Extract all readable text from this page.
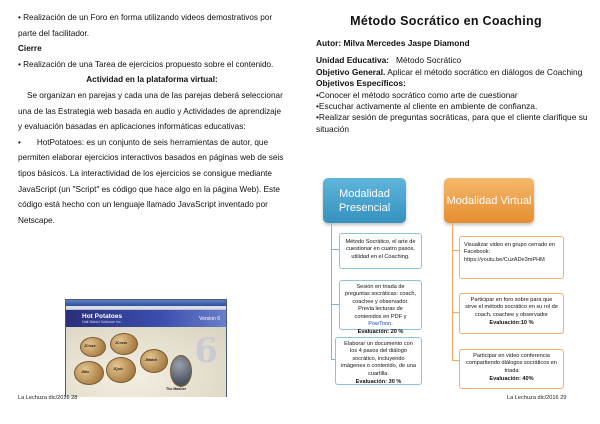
• Realización de un Foro en forma utilizando videos demostrativos por parte del facilitador.

Cierre

• Realización de una Tarea de ejercicios propuesto sobre el contenido.

Actividad en la plataforma virtual:

Se organizan en parejas y cada una de las parejas deberá seleccionar una de las Estrategia web basada en audio y Actividades de aprendizaje y evaluación basadas en aplicaciones informáticas educativas:

• HotPotatoes: es un conjunto de seis herramientas de autor, que permiten elaborar ejercicios interactivos basados en páginas web de seis tipos básicos. La interactividad de los ejercicios se consigue mediante JavaScript (un "Script" es código que hace algo en la página Web). Este código está hecho con un lenguaje llamado JavaScript inventado por Netscape.

Hot Potatoes
Half-Baked Software Inc.
Version 6
6
JCloze
JCross
JMix
JQuiz
JMatch
The Masher
La Lechuza dic/2016 28
Método Socrático en Coaching

Autor: Milva Mercedes Jaspe Diamond

Unidad Educativa: Método Socrático

Objetivo General. Aplicar el método socrático en diálogos de Coaching

Objetivos Específicos:

•Conocer el método socrático como arte de cuestionar

•Escuchar activamente al cliente en ambiente de confianza.

•Realizar sesión de preguntas socráticas, para que el cliente clarifique su situación

Modalidad Presencial
Modalidad Virtual
Método Socrático, el arte de cuestionar en cuatro pasos, utilidad en el Coaching.
Sesión en triada de preguntas socráticas: coach, coachee y observador. Previa lecturas de contenidos en PDF y PowToon.
Evaluación: 20 %
Elaborar un documento con los 4 pasos del diálogo socrático, incluyendo imágenes o contenido, de una cuartilla.
Evaluación: 30 %
Visualizar video en grupo cerrado en Facebook:
https://youtu.be/CuzADe3mPHM
Participar en foro sobre para que sirve el método socrático en su rol de coach, coachee y observador
Evaluación:10 %
Participar en video conferencia compartiendo diálogos socráticos en triada
Evaluación: 40%
La Lechuza dic/2016 29
